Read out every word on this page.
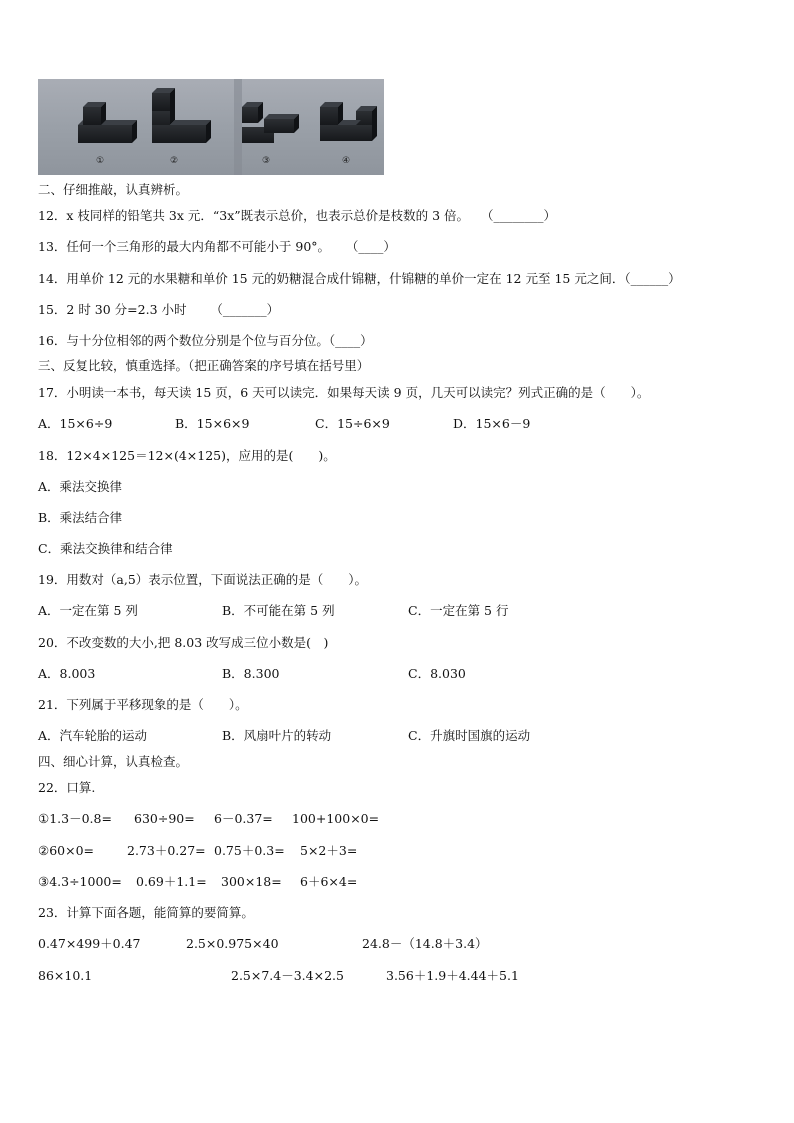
①	②	③	④
二、仔细推敲，认真辨析。
12．x 枝同样的铅笔共 3x 元．“3x”既表示总价，也表示总价是枝数的 3 倍。   （________）
13．任何一个三角形的最大内角都不可能小于 90°。    （____）
14．用单价 12 元的水果糖和单价 15 元的奶糖混合成什锦糖，什锦糖的单价一定在 12 元至 15 元之间．（______）
15．2 时 30 分=2.3 小时      （_______）
16．与十分位相邻的两个数位分别是个位与百分位。（____）
三、反复比较，慎重选择。（把正确答案的序号填在括号里）
17．小明读一本书，每天读 15 页，6 天可以读完．如果每天读 9 页，几天可以读完？列式正确的是（　　）。
A．15×6÷9	B．15×6×9	C．15÷6×9	D．15×6－9
18．12×4×125＝12×(4×125)，应用的是(　　)。
A．乘法交换律
B．乘法结合律
C．乘法交换律和结合律
19．用数对（a,5）表示位置，下面说法正确的是（　　）。
A．一定在第 5 列	B．不可能在第 5 列	C．一定在第 5 行
20．不改变数的大小,把 8.03 改写成三位小数是(　)
A．8.003	B．8.300	C．8.030
21．下列属于平移现象的是（　　）。
A．汽车轮胎的运动	B．风扇叶片的转动	C．升旗时国旗的运动
四、细心计算，认真检查。
22．口算.
①1.3－0.8= 630÷90= 6－0.37= 100+100×0=
②60×0=	2.73＋0.27= 0.75＋0.3= 5×2＋3=
③4.3÷1000= 0.69＋1.1= 300×18= 6＋6×4=
23．计算下面各题，能简算的要简算。
0.47×499＋0.47	2.5×0.975×40	24.8－（14.8＋3.4）
86×10.1	2.5×7.4－3.4×2.5	3.56＋1.9＋4.44＋5.1
